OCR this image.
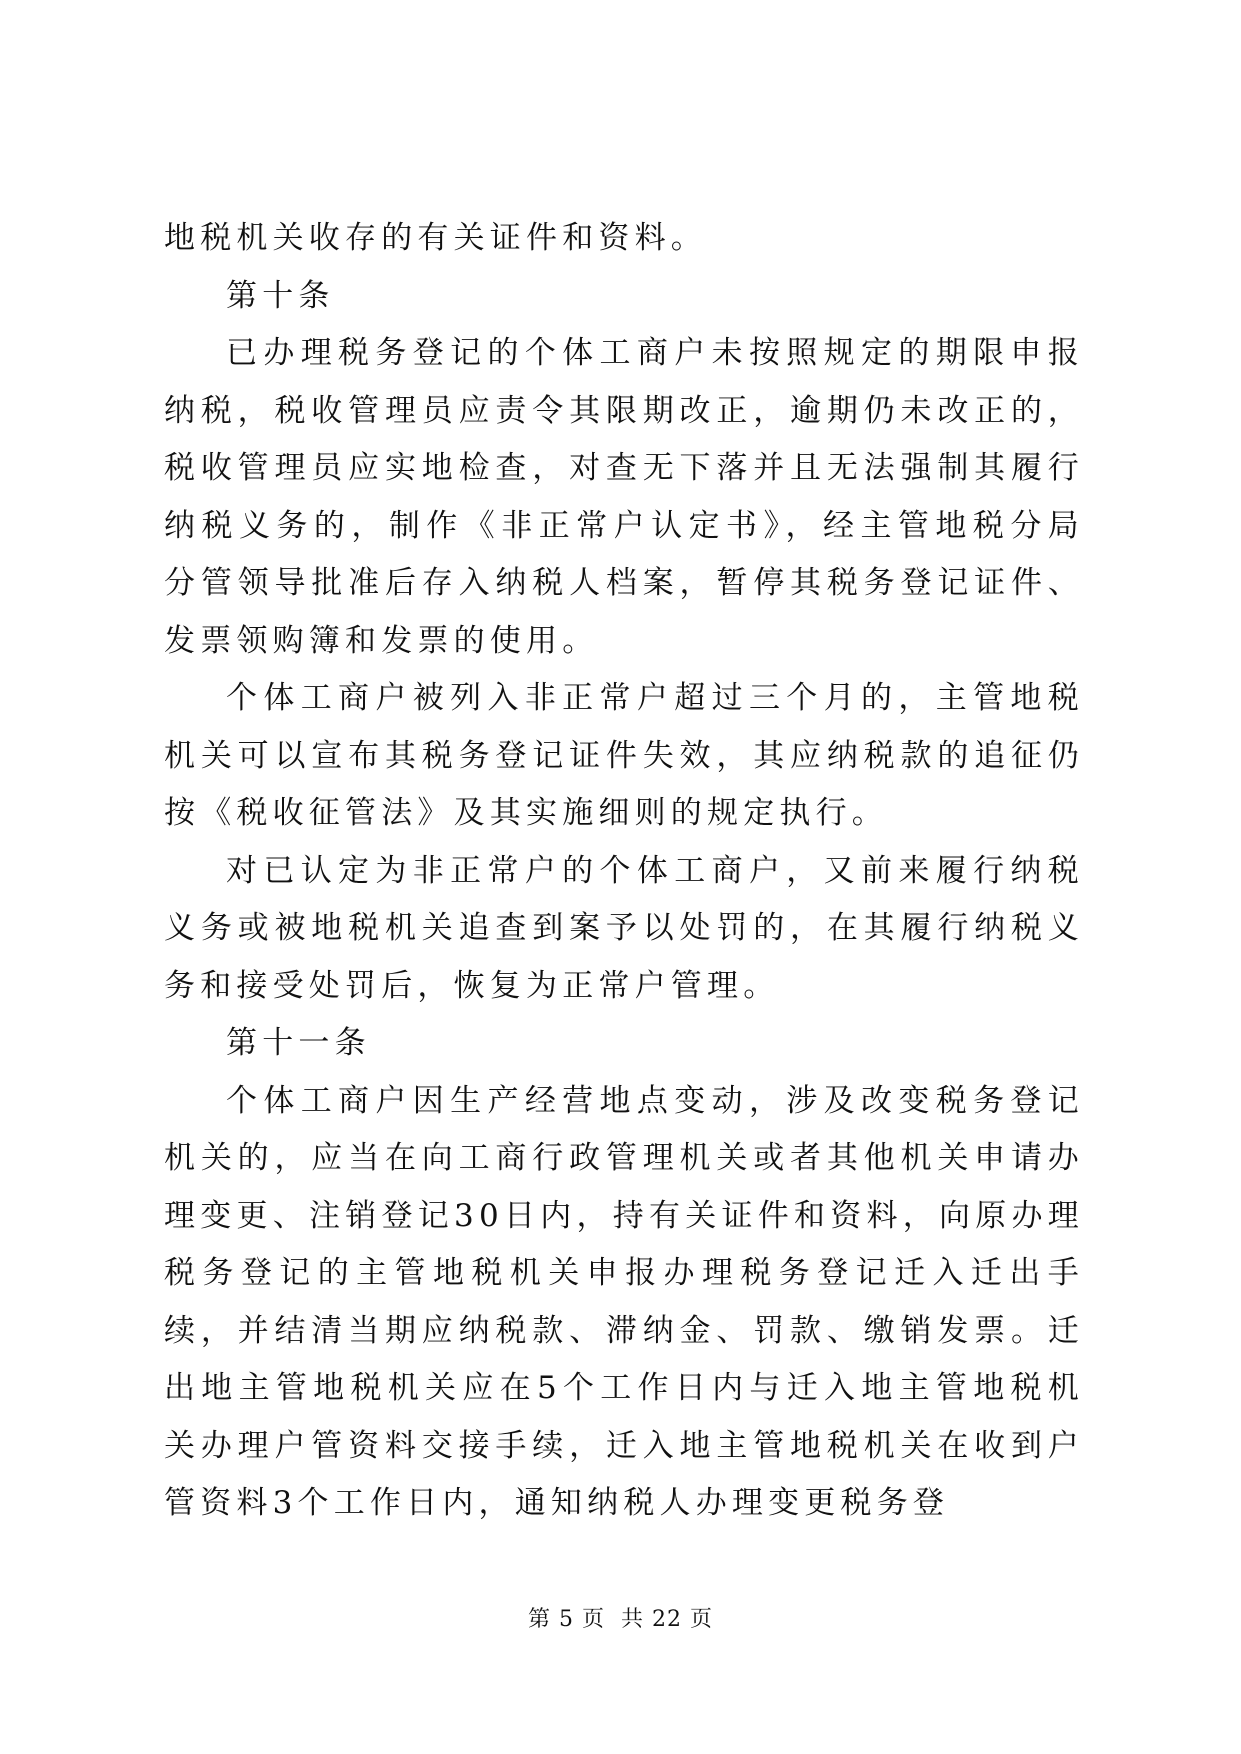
地税机关收存的有关证件和资料。

第十条

已办理税务登记的个体工商户未按照规定的期限申报纳税，税收管理员应责令其限期改正，逾期仍未改正的，税收管理员应实地检查，对查无下落并且无法强制其履行纳税义务的，制作《非正常户认定书》，经主管地税分局分管领导批准后存入纳税人档案，暂停其税务登记证件、发票领购簿和发票的使用。

个体工商户被列入非正常户超过三个月的，主管地税机关可以宣布其税务登记证件失效，其应纳税款的追征仍按《税收征管法》及其实施细则的规定执行。

对已认定为非正常户的个体工商户，又前来履行纳税义务或被地税机关追查到案予以处罚的，在其履行纳税义务和接受处罚后，恢复为正常户管理。

第十一条

个体工商户因生产经营地点变动，涉及改变税务登记机关的，应当在向工商行政管理机关或者其他机关申请办理变更、注销登记30日内，持有关证件和资料，向原办理税务登记的主管地税机关申报办理税务登记迁入迁出手续，并结清当期应纳税款、滞纳金、罚款、缴销发票。迁出地主管地税机关应在5个工作日内与迁入地主管地税机关办理户管资料交接手续，迁入地主管地税机关在收到户管资料3个工作日内，通知纳税人办理变更税务登

第 5 页  共 22 页
